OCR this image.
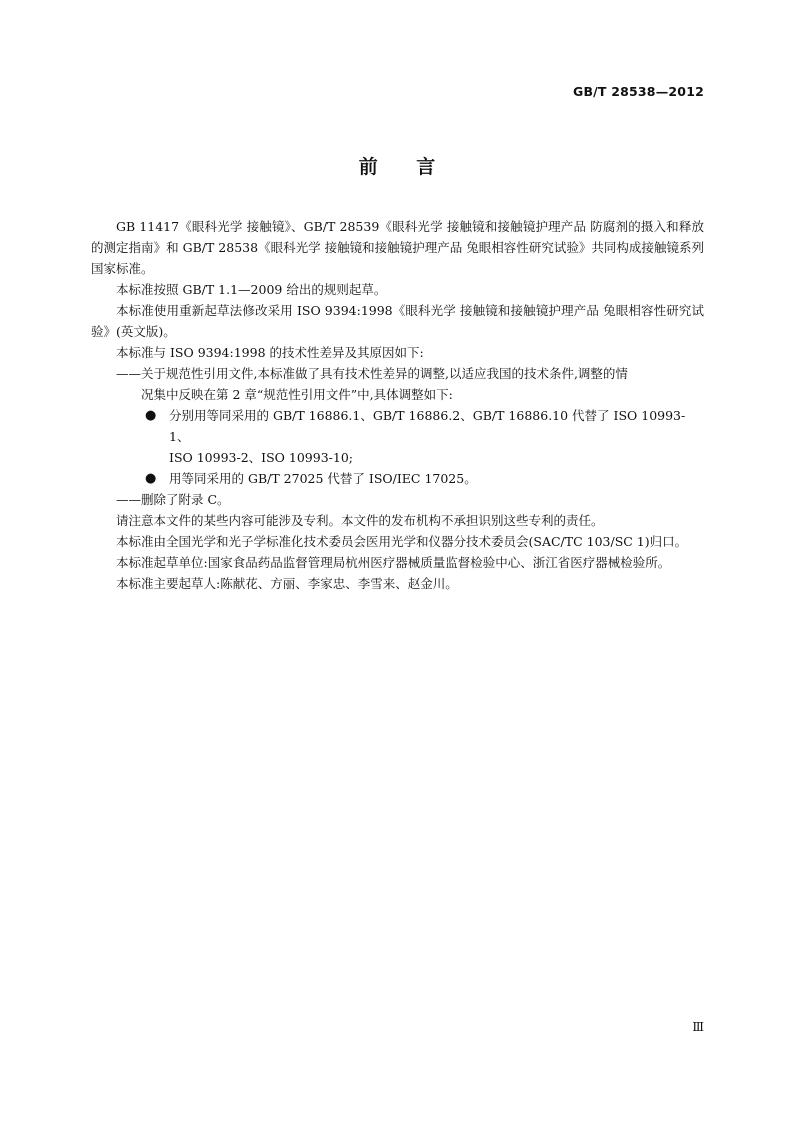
GB/T 28538—2012
前 言

GB 11417《眼科光学 接触镜》、GB/T 28539《眼科光学 接触镜和接触镜护理产品 防腐剂的摄入和释放的测定指南》和 GB/T 28538《眼科光学 接触镜和接触镜护理产品 兔眼相容性研究试验》共同构成接触镜系列国家标准。

本标准按照 GB/T 1.1—2009 给出的规则起草。

本标准使用重新起草法修改采用 ISO 9394:1998《眼科光学 接触镜和接触镜护理产品 兔眼相容性研究试验》(英文版)。

本标准与 ISO 9394:1998 的技术性差异及其原因如下:

——关于规范性引用文件,本标准做了具有技术性差异的调整,以适应我国的技术条件,调整的情

况集中反映在第 2 章“规范性引用文件”中,具体调整如下:

● 分别用等同采用的 GB/T 16886.1、GB/T 16886.2、GB/T 16886.10 代替了 ISO 10993-1、
ISO 10993-2、ISO 10993-10;
● 用等同采用的 GB/T 27025 代替了 ISO/IEC 17025。

——删除了附录 C。

请注意本文件的某些内容可能涉及专利。本文件的发布机构不承担识别这些专利的责任。

本标准由全国光学和光子学标准化技术委员会医用光学和仪器分技术委员会(SAC/TC 103/SC 1)归口。

本标准起草单位:国家食品药品监督管理局杭州医疗器械质量监督检验中心、浙江省医疗器械检验所。

本标准主要起草人:陈献花、方丽、李家忠、李雪来、赵金川。

Ⅲ
